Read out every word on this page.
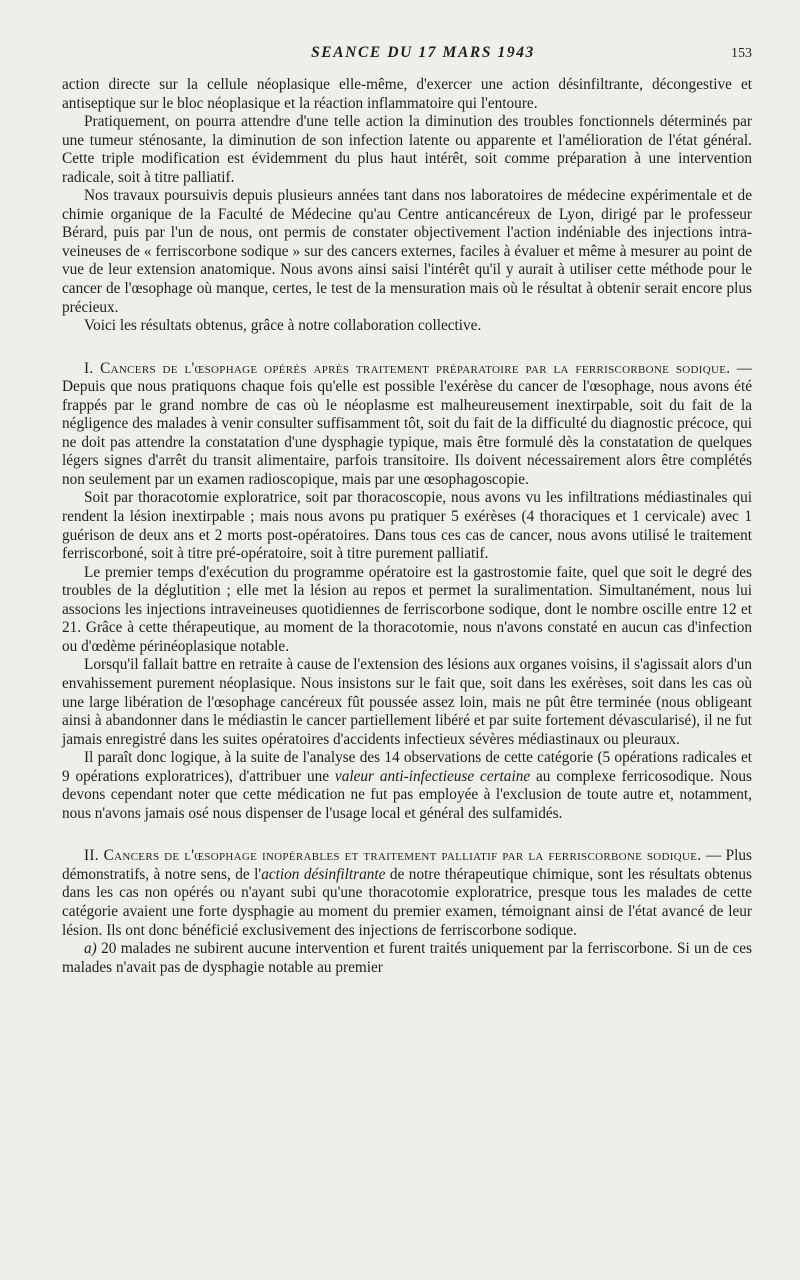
SEANCE DU 17 MARS 1943	153

action directe sur la cellule néoplasique elle-même, d'exercer une action désinfiltrante, décongestive et antiseptique sur le bloc néoplasique et la réaction inflammatoire qui l'entoure.

Pratiquement, on pourra attendre d'une telle action la diminution des troubles fonctionnels déterminés par une tumeur sténosante, la diminution de son infection latente ou apparente et l'amélioration de l'état général. Cette triple modification est évidemment du plus haut intérêt, soit comme préparation à une intervention radicale, soit à titre palliatif.

Nos travaux poursuivis depuis plusieurs années tant dans nos laboratoires de médecine expérimentale et de chimie organique de la Faculté de Médecine qu'au Centre anticancéreux de Lyon, dirigé par le professeur Bérard, puis par l'un de nous, ont permis de constater objectivement l'action indéniable des injections intra-veineuses de « ferriscorbone sodique » sur des cancers externes, faciles à évaluer et même à mesurer au point de vue de leur extension anatomique. Nous avons ainsi saisi l'intérêt qu'il y aurait à utiliser cette méthode pour le cancer de l'œsophage où manque, certes, le test de la mensuration mais où le résultat à obtenir serait encore plus précieux.

Voici les résultats obtenus, grâce à notre collaboration collective.

I. Cancers de l'œsophage opérés après traitement préparatoire par la ferriscorbone sodique. — Depuis que nous pratiquons chaque fois qu'elle est possible l'exérèse du cancer de l'œsophage, nous avons été frappés par le grand nombre de cas où le néoplasme est malheureusement inextirpable, soit du fait de la négligence des malades à venir consulter suffisamment tôt, soit du fait de la difficulté du diagnostic précoce, qui ne doit pas attendre la constatation d'une dysphagie typique, mais être formulé dès la constatation de quelques légers signes d'arrêt du transit alimentaire, parfois transitoire. Ils doivent nécessairement alors être complétés non seulement par un examen radioscopique, mais par une œsophagoscopie.

Soit par thoracotomie exploratrice, soit par thoracoscopie, nous avons vu les infiltrations médiastinales qui rendent la lésion inextirpable ; mais nous avons pu pratiquer 5 exérèses (4 thoraciques et 1 cervicale) avec 1 guérison de deux ans et 2 morts post-opératoires. Dans tous ces cas de cancer, nous avons utilisé le traitement ferriscorboné, soit à titre pré-opératoire, soit à titre purement palliatif.

Le premier temps d'exécution du programme opératoire est la gastrostomie faite, quel que soit le degré des troubles de la déglutition ; elle met la lésion au repos et permet la suralimentation. Simultanément, nous lui associons les injections intraveineuses quotidiennes de ferriscorbone sodique, dont le nombre oscille entre 12 et 21. Grâce à cette thérapeutique, au moment de la thoracotomie, nous n'avons constaté en aucun cas d'infection ou d'œdème périnéoplasique notable.

Lorsqu'il fallait battre en retraite à cause de l'extension des lésions aux organes voisins, il s'agissait alors d'un envahissement purement néoplasique. Nous insistons sur le fait que, soit dans les exérèses, soit dans les cas où une large libération de l'œsophage cancéreux fût poussée assez loin, mais ne pût être terminée (nous obligeant ainsi à abandonner dans le médiastin le cancer partiellement libéré et par suite fortement dévascularisé), il ne fut jamais enregistré dans les suites opératoires d'accidents infectieux sévères médiastinaux ou pleuraux.

Il paraît donc logique, à la suite de l'analyse des 14 observations de cette catégorie (5 opérations radicales et 9 opérations exploratrices), d'attribuer une valeur anti-infectieuse certaine au complexe ferricosodique. Nous devons cependant noter que cette médication ne fut pas employée à l'exclusion de toute autre et, notamment, nous n'avons jamais osé nous dispenser de l'usage local et général des sulfamidés.

II. Cancers de l'œsophage inopérables et traitement palliatif par la ferriscorbone sodique. — Plus démonstratifs, à notre sens, de l'action désinfiltrante de notre thérapeutique chimique, sont les résultats obtenus dans les cas non opérés ou n'ayant subi qu'une thoracotomie exploratrice, presque tous les malades de cette catégorie avaient une forte dysphagie au moment du premier examen, témoignant ainsi de l'état avancé de leur lésion. Ils ont donc bénéficié exclusivement des injections de ferriscorbone sodique.

a) 20 malades ne subirent aucune intervention et furent traités uniquement par la ferriscorbone. Si un de ces malades n'avait pas de dysphagie notable au premier
